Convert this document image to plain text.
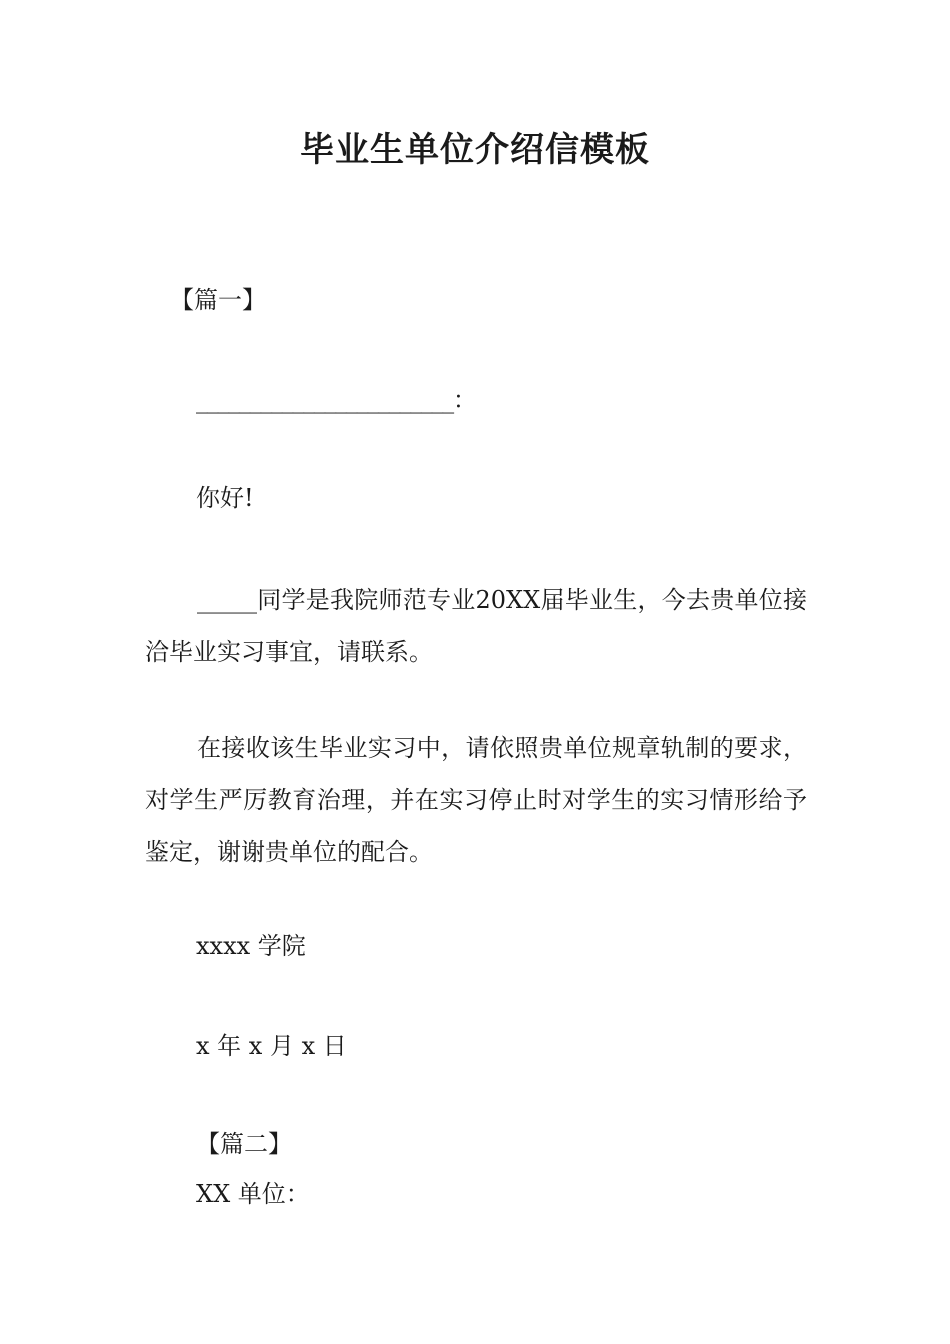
毕业生单位介绍信模板
【篇一】
________________________：
你好!
_____同学是我院师范专业20XX届毕业生，今去贵单位接洽毕业实习事宜，请联系。
在接收该生毕业实习中，请依照贵单位规章轨制的要求，对学生严厉教育治理，并在实习停止时对学生的实习情形给予鉴定，谢谢贵单位的配合。
xxxx 学院
x 年 x 月 x 日
【篇二】
XX 单位：
